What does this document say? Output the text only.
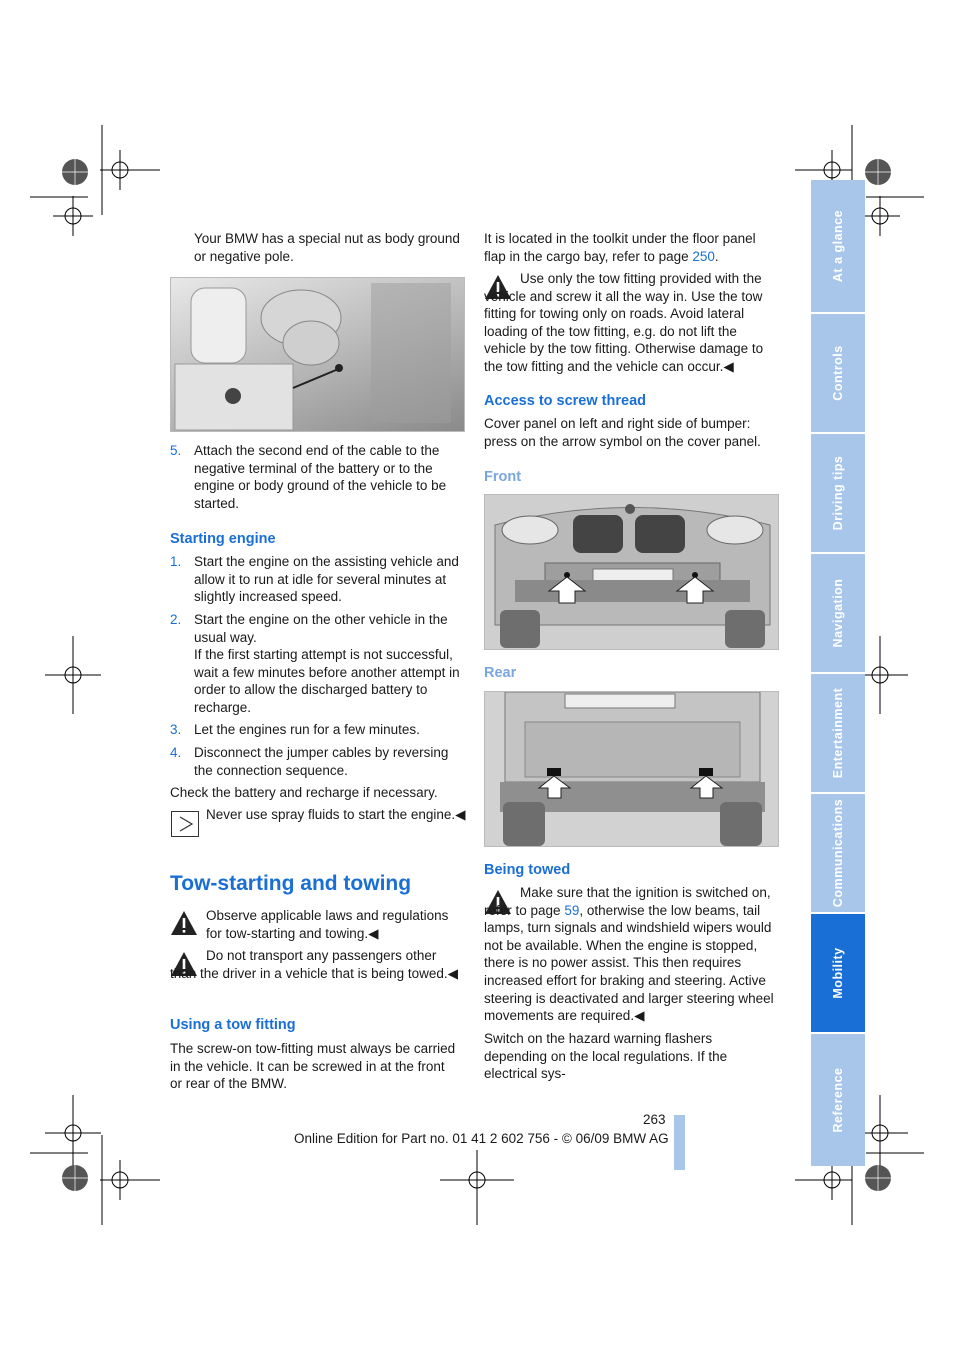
Your BMW has a special nut as body ground or negative pole.
5. Attach the second end of the cable to the negative terminal of the battery or to the engine or body ground of the vehicle to be started.
Starting engine
1. Start the engine on the assisting vehicle and allow it to run at idle for several minutes at slightly increased speed.
2. Start the engine on the other vehicle in the usual way.
If the first starting attempt is not successful, wait a few minutes before another attempt in order to allow the discharged battery to recharge.
3. Let the engines run for a few minutes.
4. Disconnect the jumper cables by reversing the connection sequence.
Check the battery and recharge if necessary.
Never use spray fluids to start the engine.◀
Tow-starting and towing
Observe applicable laws and regulations for tow-starting and towing.◀
Do not transport any passengers other than the driver in a vehicle that is being towed.◀
Using a tow fitting
The screw-on tow-fitting must always be carried in the vehicle. It can be screwed in at the front or rear of the BMW.
It is located in the toolkit under the floor panel flap in the cargo bay, refer to page 250.
Use only the tow fitting provided with the vehicle and screw it all the way in. Use the tow fitting for towing only on roads. Avoid lateral loading of the tow fitting, e.g. do not lift the vehicle by the tow fitting. Otherwise damage to the tow fitting and the vehicle can occur.◀
Access to screw thread
Cover panel on left and right side of bumper: press on the arrow symbol on the cover panel.
Front
Rear
Being towed
Make sure that the ignition is switched on, refer to page 59, otherwise the low beams, tail lamps, turn signals and windshield wipers would not be available. When the engine is stopped, there is no power assist. This then requires increased effort for braking and steering. Active steering is deactivated and larger steering wheel movements are required.◀
Switch on the hazard warning flashers depending on the local regulations. If the electrical sys-
At a glance
Controls
Driving tips
Navigation
Entertainment
Communications
Mobility
Reference
263
Online Edition for Part no. 01 41 2 602 756 - © 06/09 BMW AG
